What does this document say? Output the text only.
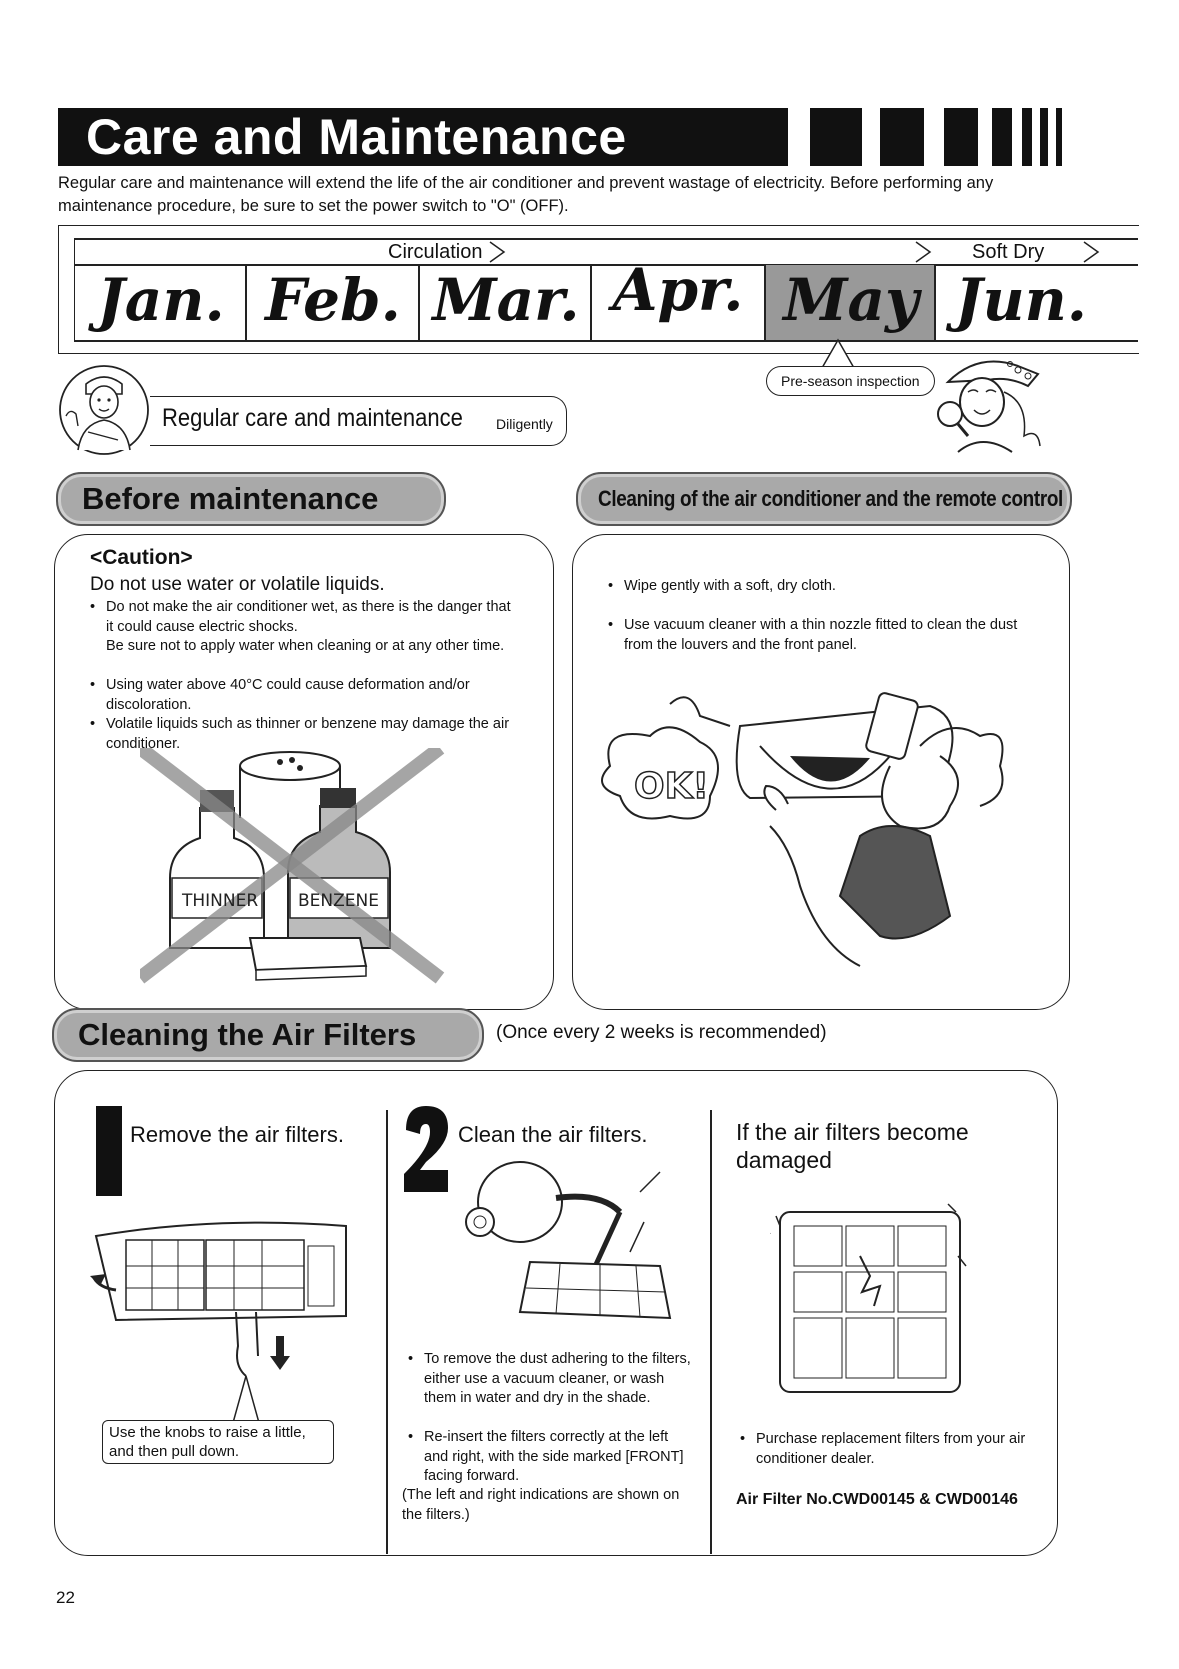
Care and Maintenance
Regular care and maintenance will extend the life of the air conditioner and prevent wastage of electricity. Before performing any maintenance procedure, be sure to set the power switch to "O" (OFF).
Jan. Feb. Mar. Apr. May Jun.
Circulation	Soft Dry
Pre-season inspection
Regular care and maintenance Diligently
Before maintenance	Cleaning of the air conditioner and the remote control
<Caution>
Do not use water or volatile liquids.
• Do not make the air conditioner wet, as there is the danger that it could cause electric shocks.
Be sure not to apply water when cleaning or at any other time.
• Using water above 40°C could cause deformation and/or discoloration.
• Volatile liquids such as thinner or benzene may damage the air conditioner.
THINNER BENZENE
• Wipe gently with a soft, dry cloth.
• Use vacuum cleaner with a thin nozzle fitted to clean the dust from the louvers and the front panel.
OK!
Cleaning the Air Filters	(Once every 2 weeks is recommended)
Remove the air filters.
Use the knobs to raise a little, and then pull down.
Clean the air filters.
• To remove the dust adhering to the filters, either use a vacuum cleaner, or wash them in water and dry in the shade.
• Re-insert the filters correctly at the left and right, with the side marked [FRONT] facing forward.
(The left and right indications are shown on the filters.)
If the air filters become damaged
• Purchase replacement filters from your air conditioner dealer.
Air Filter No.CWD00145 & CWD00146
22
